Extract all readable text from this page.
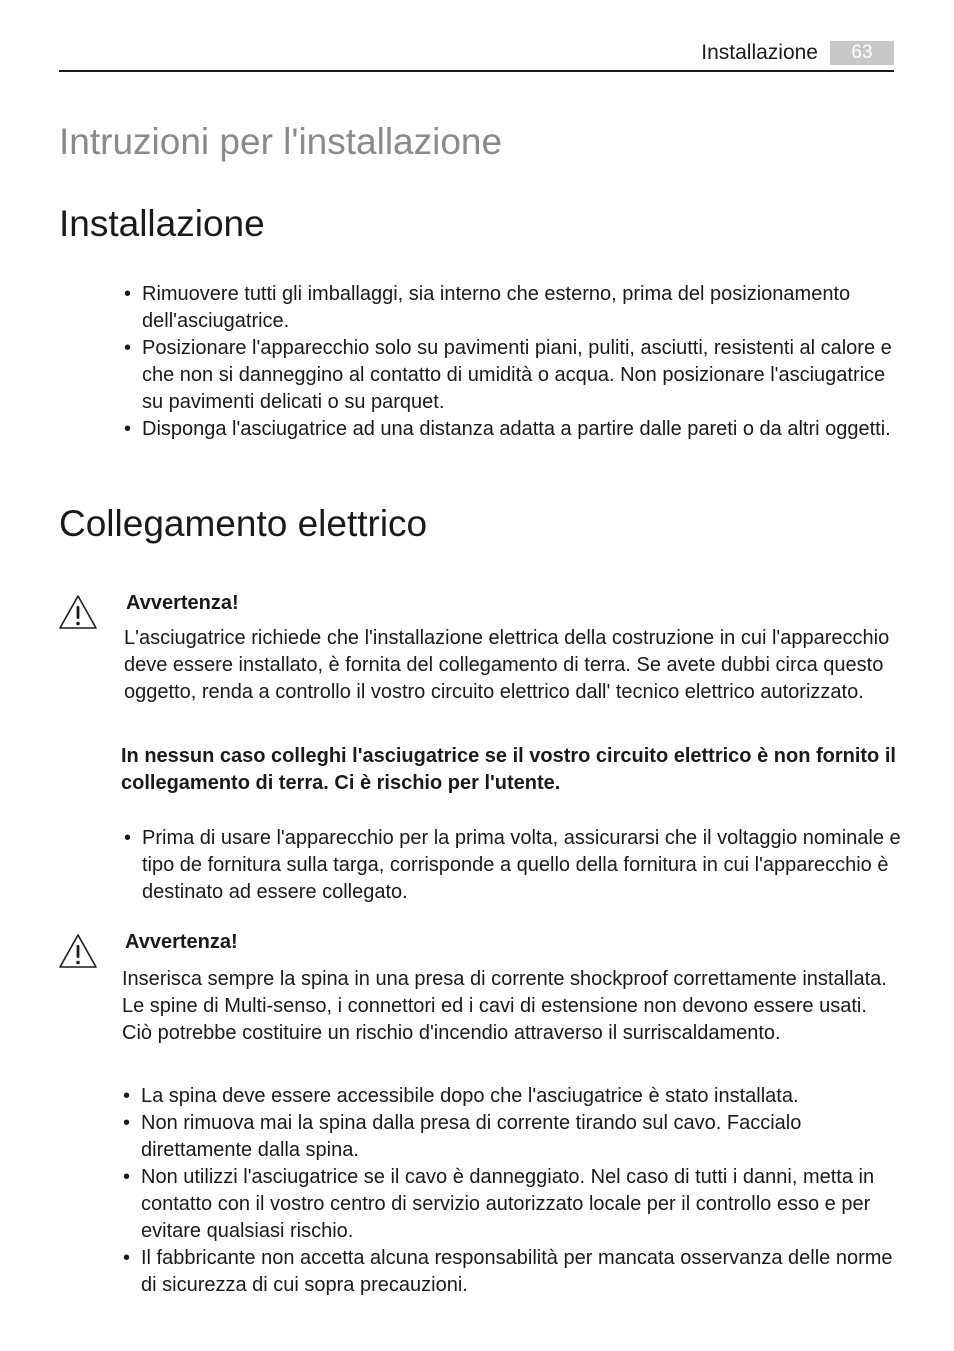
Installazione	63
Intruzioni per l'installazione
Installazione
• Rimuovere tutti gli imballaggi, sia interno che esterno, prima del posizionamento dell'asciugatrice.
• Posizionare l'apparecchio solo su pavimenti piani, puliti, asciutti, resistenti al calore e che non si danneggino al contatto di umidità o acqua. Non posizionare l'asciugatrice su pavimenti delicati o su parquet.
• Disponga l'asciugatrice ad una distanza adatta a partire dalle pareti o da altri oggetti.
Collegamento elettrico
Avvertenza!

L'asciugatrice richiede che l'installazione elettrica della costruzione in cui l'apparecchio deve essere installato, è fornita del collegamento di terra. Se avete dubbi circa questo oggetto, renda a controllo il vostro circuito elettrico dall' tecnico elettrico autorizzato.

In nessun caso colleghi l'asciugatrice se il vostro circuito elettrico è non fornito il collegamento di terra. Ci è rischio per l'utente.

• Prima di usare l'apparecchio per la prima volta, assicurarsi che il voltaggio nominale e tipo de fornitura sulla targa, corrisponde a quello della fornitura in cui l'apparecchio è destinato ad essere collegato.
Avvertenza!

Inserisca sempre la spina in una presa di corrente shockproof correttamente installata. Le spine di Multi-senso, i connettori ed i cavi di estensione non devono essere usati. Ciò potrebbe costituire un rischio d'incendio attraverso il surriscaldamento.

• La spina deve essere accessibile dopo che l'asciugatrice è stato installata.
• Non rimuova mai la spina dalla presa di corrente tirando sul cavo. Faccialo direttamente dalla spina.
• Non utilizzi l'asciugatrice se il cavo è danneggiato. Nel caso di tutti i danni, metta in contatto con il vostro centro di servizio autorizzato locale per il controllo esso e per evitare qualsiasi rischio.
• Il fabbricante non accetta alcuna responsabilità per mancata osservanza delle norme di sicurezza di cui sopra precauzioni.
